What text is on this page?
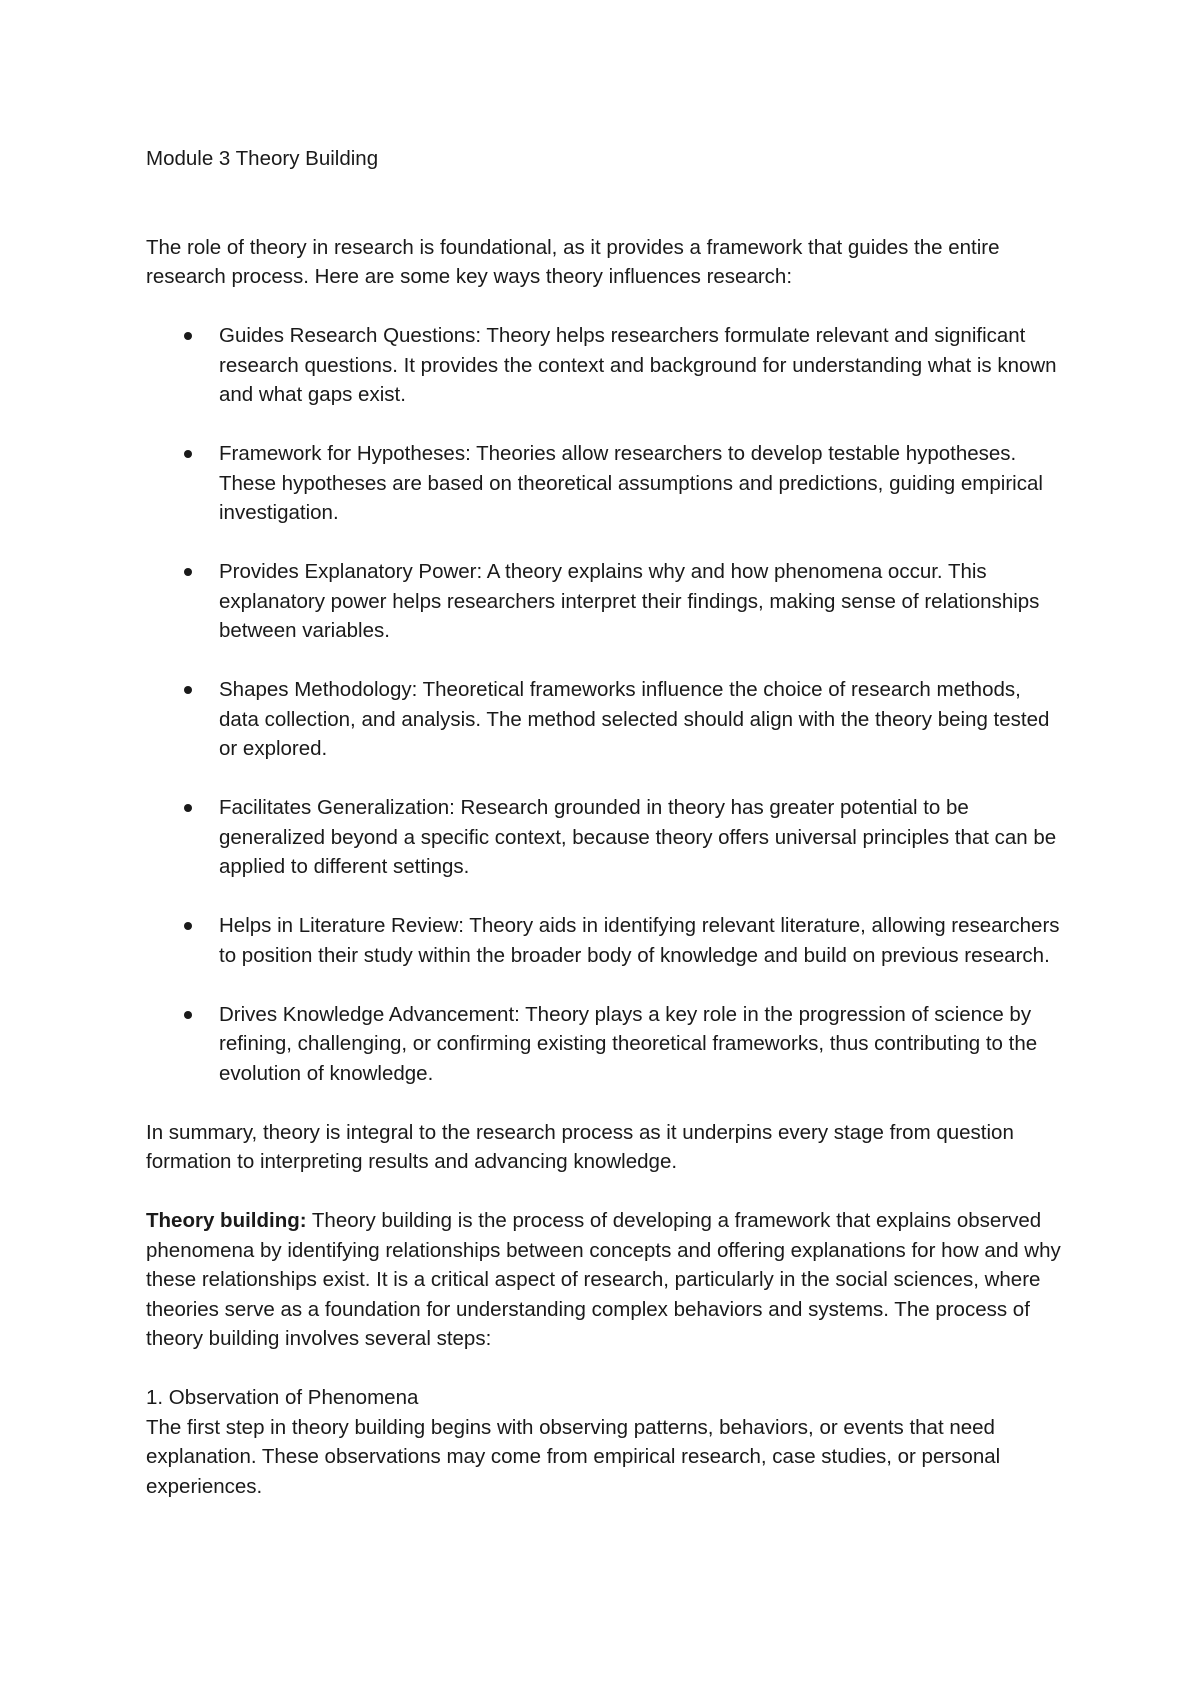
Module 3 Theory Building

The role of theory in research is foundational, as it provides a framework that guides the entire research process. Here are some key ways theory influences research:

Guides Research Questions: Theory helps researchers formulate relevant and significant research questions. It provides the context and background for understanding what is known and what gaps exist.
Framework for Hypotheses: Theories allow researchers to develop testable hypotheses. These hypotheses are based on theoretical assumptions and predictions, guiding empirical investigation.
Provides Explanatory Power: A theory explains why and how phenomena occur. This explanatory power helps researchers interpret their findings, making sense of relationships between variables.
Shapes Methodology: Theoretical frameworks influence the choice of research methods, data collection, and analysis. The method selected should align with the theory being tested or explored.
Facilitates Generalization: Research grounded in theory has greater potential to be generalized beyond a specific context, because theory offers universal principles that can be applied to different settings.
Helps in Literature Review: Theory aids in identifying relevant literature, allowing researchers to position their study within the broader body of knowledge and build on previous research.
Drives Knowledge Advancement: Theory plays a key role in the progression of science by refining, challenging, or confirming existing theoretical frameworks, thus contributing to the evolution of knowledge.

In summary, theory is integral to the research process as it underpins every stage from question formation to interpreting results and advancing knowledge.

Theory building: Theory building is the process of developing a framework that explains observed phenomena by identifying relationships between concepts and offering explanations for how and why these relationships exist. It is a critical aspect of research, particularly in the social sciences, where theories serve as a foundation for understanding complex behaviors and systems. The process of theory building involves several steps:

1. Observation of Phenomena

The first step in theory building begins with observing patterns, behaviors, or events that need explanation. These observations may come from empirical research, case studies, or personal experiences.
